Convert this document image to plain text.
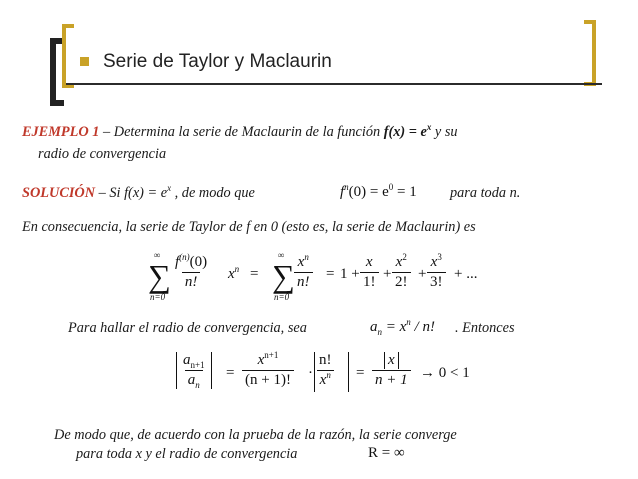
Serie de Taylor y Maclaurin
EJEMPLO 1 – Determina la serie de Maclaurin de la función $f(x) = e^x$ y su
radio de convergencia
SOLUCIÓN – Si $f(x) = e^x$ , de modo que	$f^n(0) = e^0 = 1$ para toda n.
En consecuencia, la serie de Taylor de f en 0 (esto es, la serie de Maclaurin) es
∞
∑
n=0
$\frac{f^{(n)}(0)}{n!} x^n$ =
∞
∑
n=0
$\frac{x^n}{n!} = 1 + \frac{x}{1!} + \frac{x^2}{2!} + \frac{x^3}{3!}$ + ...
Para hallar el radio de convergencia, sea	$a_n = x^n / n$! . Entonces
$\frac{a_{n+1}}{a_n} = \frac{x^{n+1}}{(n + 1)!} \cdot \frac{n!}{x^n} = \frac{x}{n + 1} \to 0 < 1$
De modo que, de acuerdo con la prueba de la razón, la serie converge
para toda x y el radio de convergencia	R = ∞
